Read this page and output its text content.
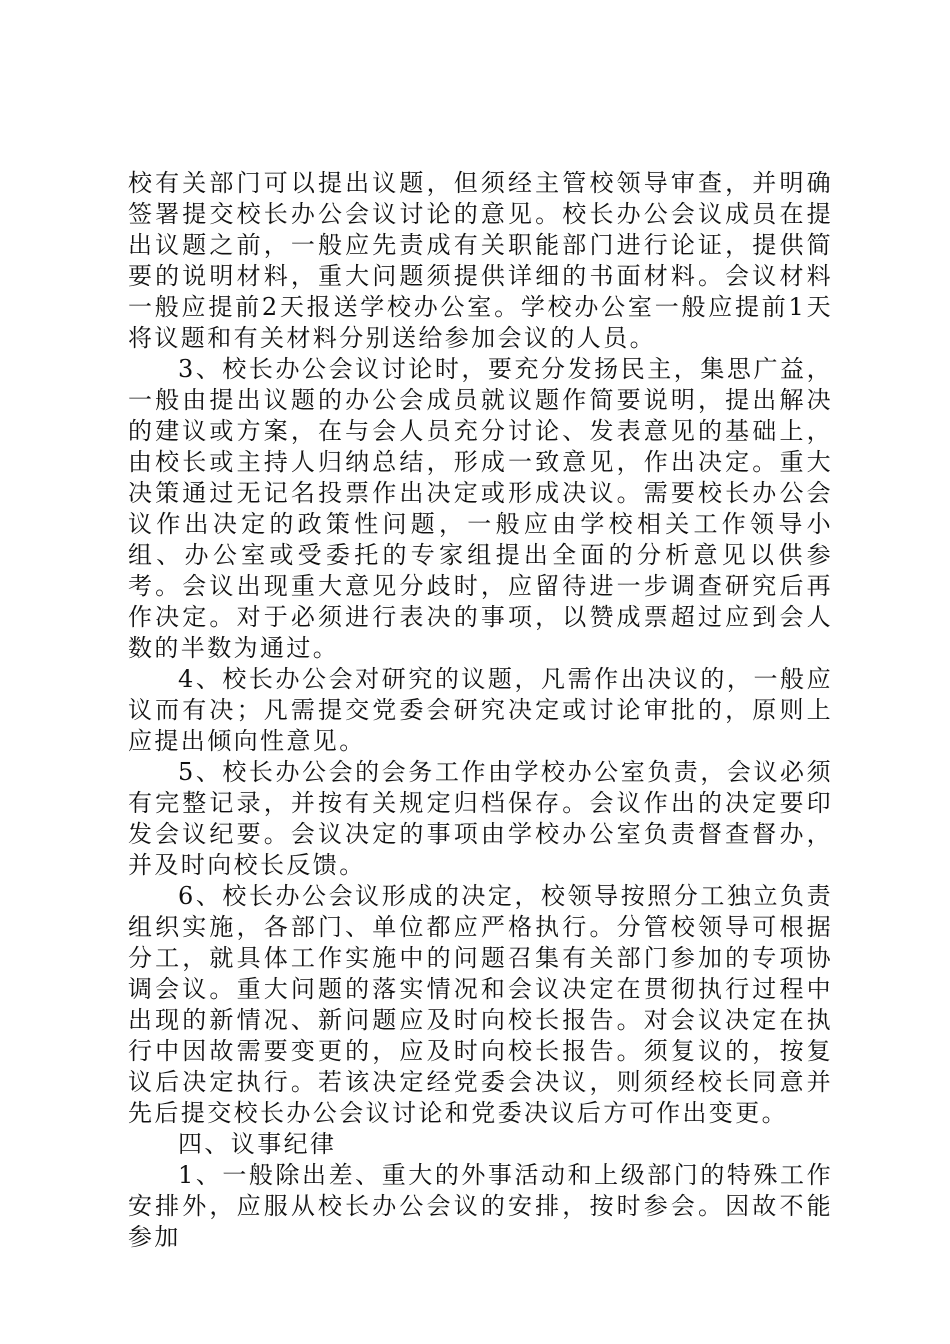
校有关部门可以提出议题，但须经主管校领导审查，并明确签署提交校长办公会议讨论的意见。校长办公会议成员在提出议题之前，一般应先责成有关职能部门进行论证，提供简要的说明材料，重大问题须提供详细的书面材料。会议材料一般应提前2天报送学校办公室。学校办公室一般应提前1天将议题和有关材料分别送给参加会议的人员。

3、校长办公会议讨论时，要充分发扬民主，集思广益，一般由提出议题的办公会成员就议题作简要说明，提出解决的建议或方案，在与会人员充分讨论、发表意见的基础上，由校长或主持人归纳总结，形成一致意见，作出决定。重大决策通过无记名投票作出决定或形成决议。需要校长办公会议作出决定的政策性问题，一般应由学校相关工作领导小组、办公室或受委托的专家组提出全面的分析意见以供参考。会议出现重大意见分歧时，应留待进一步调查研究后再作决定。对于必须进行表决的事项，以赞成票超过应到会人数的半数为通过。

4、校长办公会对研究的议题，凡需作出决议的，一般应议而有决；凡需提交党委会研究决定或讨论审批的，原则上应提出倾向性意见。

5、校长办公会的会务工作由学校办公室负责，会议必须有完整记录，并按有关规定归档保存。会议作出的决定要印发会议纪要。会议决定的事项由学校办公室负责督查督办，并及时向校长反馈。

6、校长办公会议形成的决定，校领导按照分工独立负责组织实施，各部门、单位都应严格执行。分管校领导可根据分工，就具体工作实施中的问题召集有关部门参加的专项协调会议。重大问题的落实情况和会议决定在贯彻执行过程中出现的新情况、新问题应及时向校长报告。对会议决定在执行中因故需要变更的，应及时向校长报告。须复议的，按复议后决定执行。若该决定经党委会决议，则须经校长同意并先后提交校长办公会议讨论和党委决议后方可作出变更。

四、议事纪律

1、一般除出差、重大的外事活动和上级部门的特殊工作安排外，应服从校长办公会议的安排，按时参会。因故不能参加
